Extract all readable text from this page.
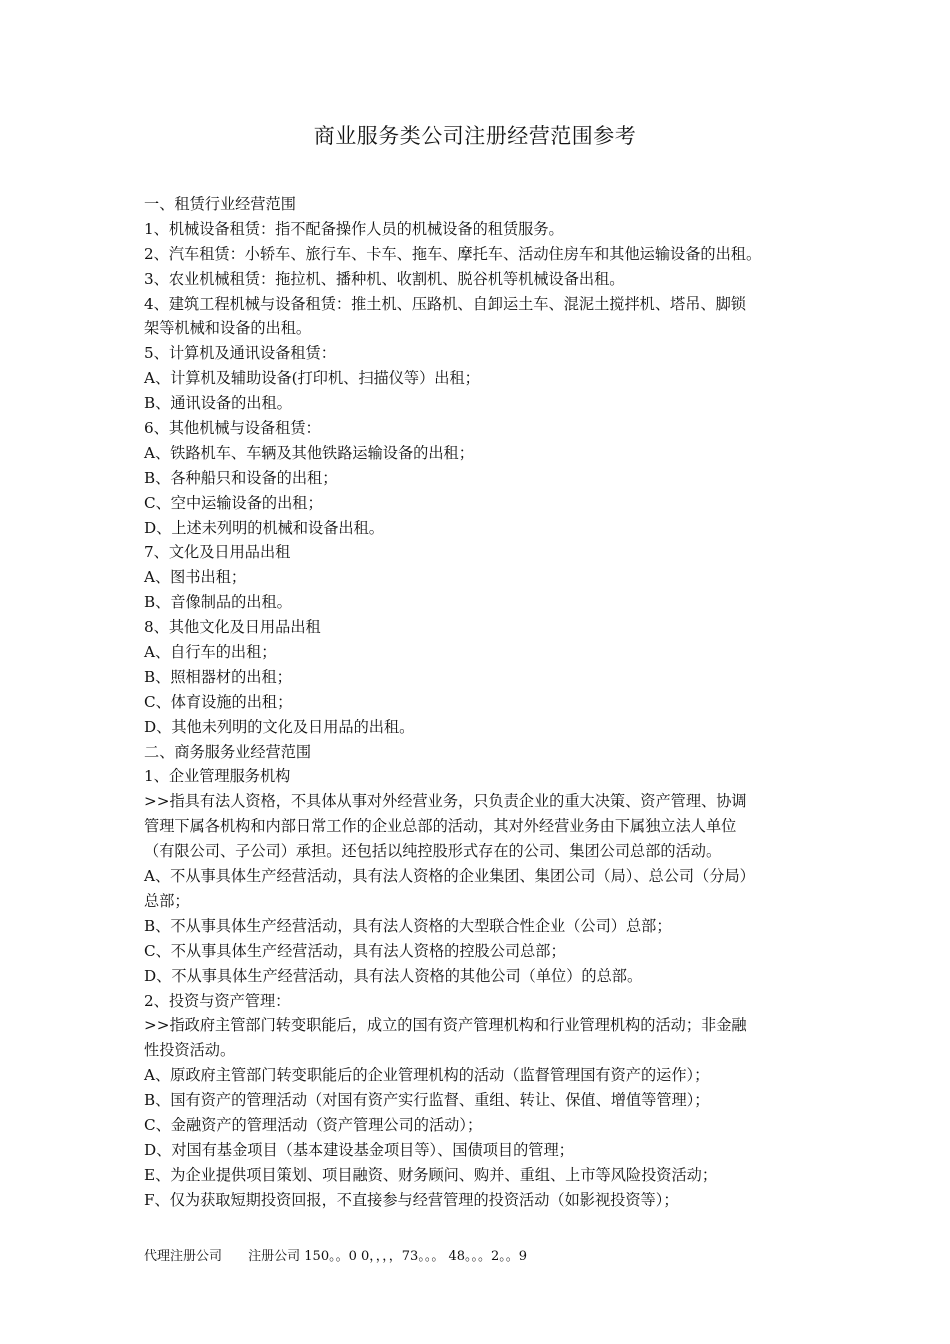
商业服务类公司注册经营范围参考
一、租赁行业经营范围
1、机械设备租赁：指不配备操作人员的机械设备的租赁服务。
2、汽车租赁：小轿车、旅行车、卡车、拖车、摩托车、活动住房车和其他运输设备的出租。
3、农业机械租赁：拖拉机、播种机、收割机、脱谷机等机械设备出租。
4、建筑工程机械与设备租赁：推土机、压路机、自卸运土车、混泥土搅拌机、塔吊、脚锁
架等机械和设备的出租。
5、计算机及通讯设备租赁：
A、计算机及辅助设备(打印机、扫描仪等）出租；
B、通讯设备的出租。
6、其他机械与设备租赁：
A、铁路机车、车辆及其他铁路运输设备的出租；
B、各种船只和设备的出租；
C、空中运输设备的出租；
D、上述未列明的机械和设备出租。
7、文化及日用品出租
A、图书出租；
B、音像制品的出租。
8、其他文化及日用品出租
A、自行车的出租；
B、照相器材的出租；
C、体育设施的出租；
D、其他未列明的文化及日用品的出租。
二、商务服务业经营范围
1、企业管理服务机构
>>指具有法人资格，不具体从事对外经营业务，只负责企业的重大决策、资产管理、协调
管理下属各机构和内部日常工作的企业总部的活动，其对外经营业务由下属独立法人单位
（有限公司、子公司）承担。还包括以纯控股形式存在的公司、集团公司总部的活动。
A、不从事具体生产经营活动，具有法人资格的企业集团、集团公司（局）、总公司（分局）
总部；
B、不从事具体生产经营活动，具有法人资格的大型联合性企业（公司）总部；
C、不从事具体生产经营活动，具有法人资格的控股公司总部；
D、不从事具体生产经营活动，具有法人资格的其他公司（单位）的总部。
2、投资与资产管理：
>>指政府主管部门转变职能后，成立的国有资产管理机构和行业管理机构的活动；非金融
性投资活动。
A、原政府主管部门转变职能后的企业管理机构的活动（监督管理国有资产的运作）；
B、国有资产的管理活动（对国有资产实行监督、重组、转让、保值、增值等管理）；
C、金融资产的管理活动（资产管理公司的活动）；
D、对国有基金项目（基本建设基金项目等）、国债项目的管理；
E、为企业提供项目策划、项目融资、财务顾问、购并、重组、上市等风险投资活动；
F、仅为获取短期投资回报，不直接参与经营管理的投资活动（如影视投资等）；
代理注册公司 注册公司 150。。0 0，，，，73。。。 48。。。2。。9
